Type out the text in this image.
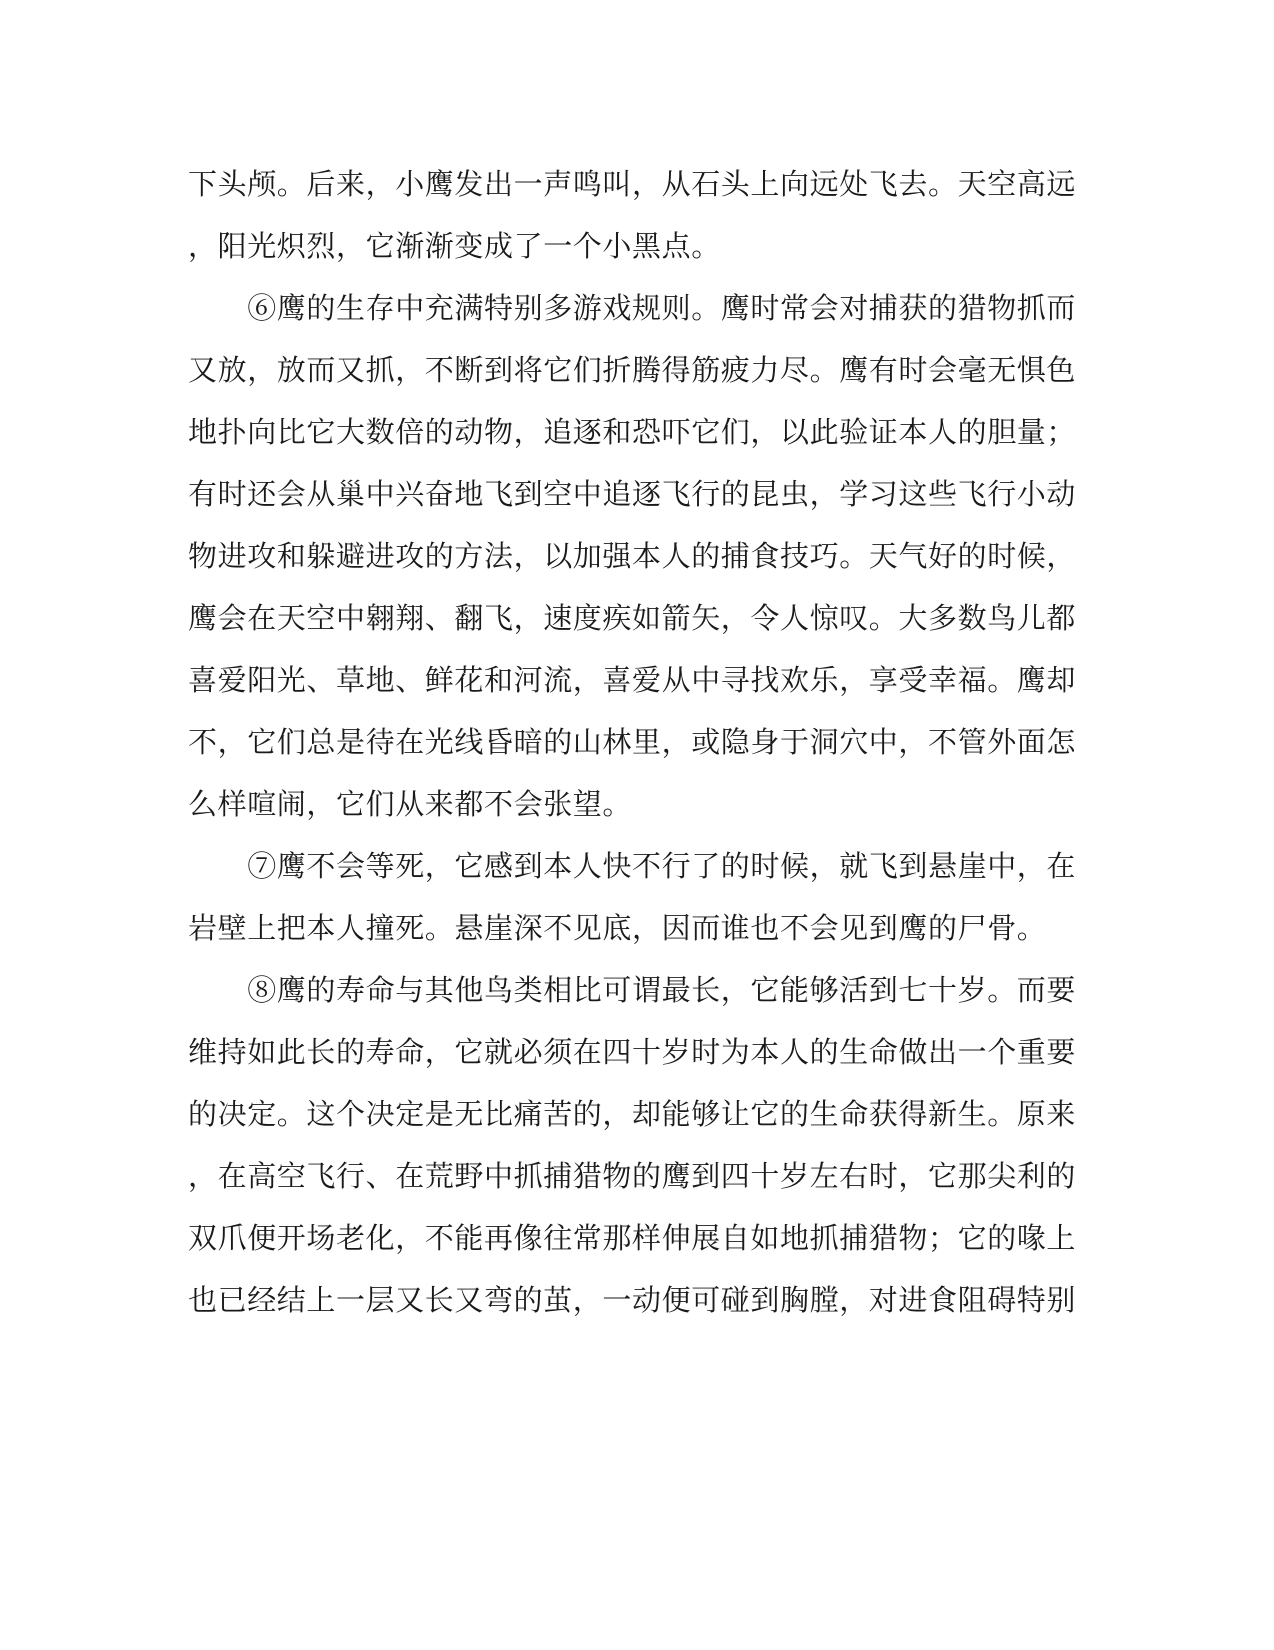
下头颅。后来，小鹰发出一声鸣叫，从石头上向远处飞去。天空高远
，阳光炽烈，它渐渐变成了一个小黑点。
　　⑥鹰的生存中充满特别多游戏规则。鹰时常会对捕获的猎物抓而
又放，放而又抓，不断到将它们折腾得筋疲力尽。鹰有时会毫无惧色
地扑向比它大数倍的动物，追逐和恐吓它们，以此验证本人的胆量；
有时还会从巢中兴奋地飞到空中追逐飞行的昆虫，学习这些飞行小动
物进攻和躲避进攻的方法，以加强本人的捕食技巧。天气好的时候，
鹰会在天空中翱翔、翻飞，速度疾如箭矢，令人惊叹。大多数鸟儿都
喜爱阳光、草地、鲜花和河流，喜爱从中寻找欢乐，享受幸福。鹰却
不，它们总是待在光线昏暗的山林里，或隐身于洞穴中，不管外面怎
么样喧闹，它们从来都不会张望。
　　⑦鹰不会等死，它感到本人快不行了的时候，就飞到悬崖中，在
岩壁上把本人撞死。悬崖深不见底，因而谁也不会见到鹰的尸骨。
　　⑧鹰的寿命与其他鸟类相比可谓最长，它能够活到七十岁。而要
维持如此长的寿命，它就必须在四十岁时为本人的生命做出一个重要
的决定。这个决定是无比痛苦的，却能够让它的生命获得新生。原来
，在高空飞行、在荒野中抓捕猎物的鹰到四十岁左右时，它那尖利的
双爪便开场老化，不能再像往常那样伸展自如地抓捕猎物；它的喙上
也已经结上一层又长又弯的茧，一动便可碰到胸膛，对进食阻碍特别
